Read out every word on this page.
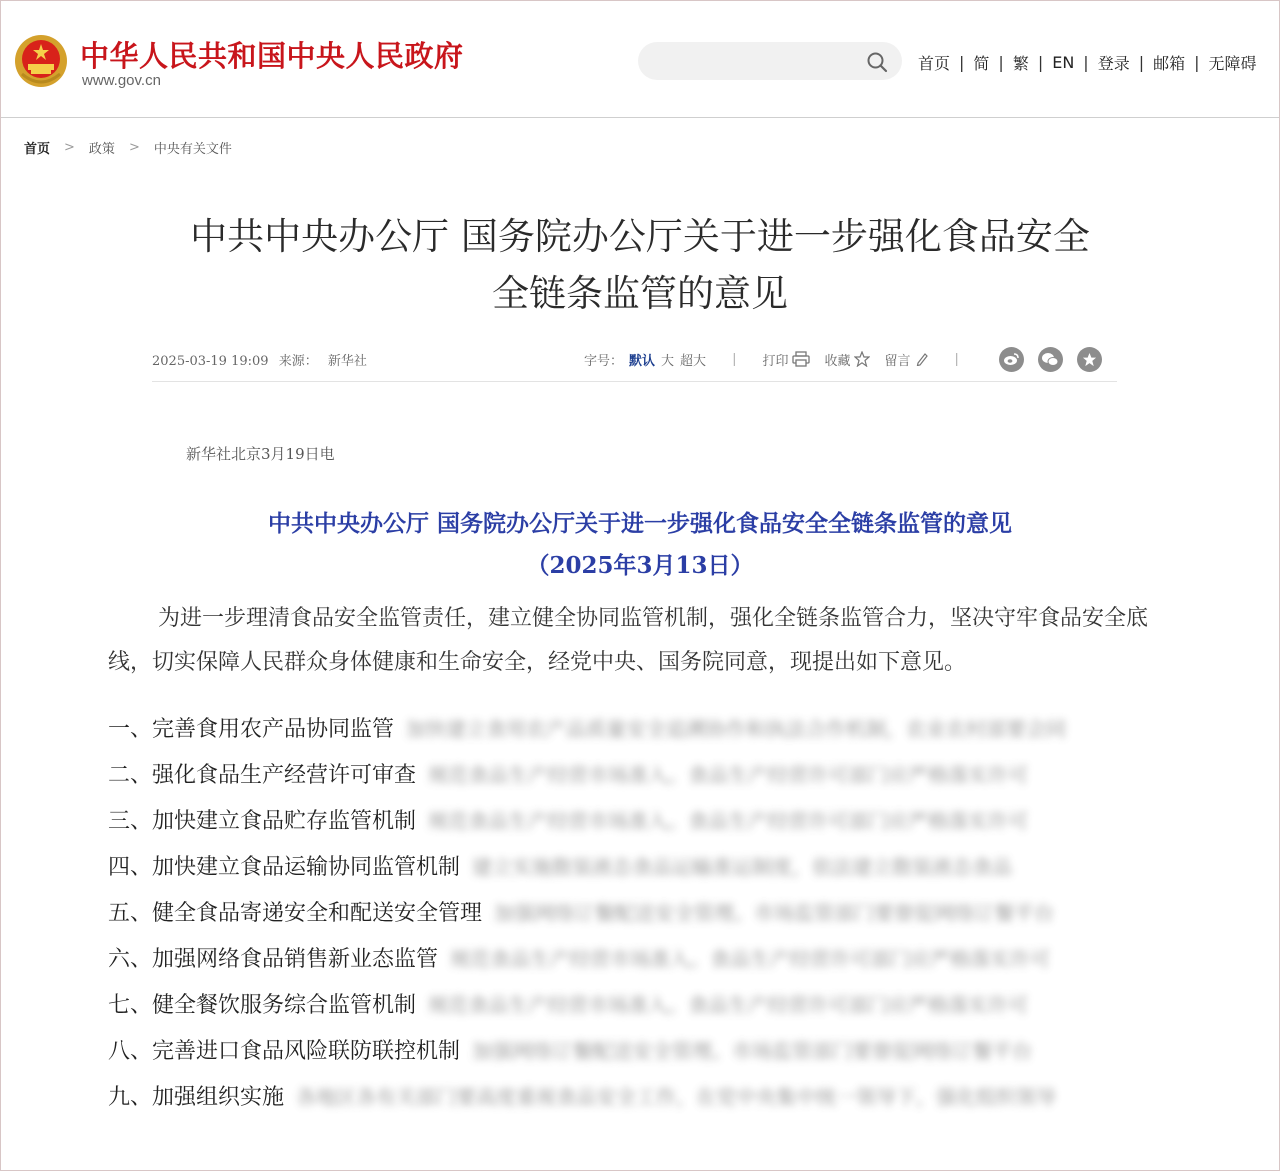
中华人民共和国中央人民政府
www.gov.cn
首页 | 简 | 繁 | EN | 登录 | 邮箱 | 无障碍
首页 > 政策 > 中央有关文件
中共中央办公厅 国务院办公厅关于进一步强化食品安全
全链条监管的意见
2025-03-19 19:09 来源： 新华社	字号： 默认 大 超大 | 打印	收藏	留言	|
新华社北京3月19日电
中共中央办公厅 国务院办公厅关于进一步强化食品安全全链条监管的意见
（2025年3月13日）
为进一步理清食品安全监管责任，建立健全协同监管机制，强化全链条监管合力，坚决守牢食品安全底线，切实保障人民群众身体健康和生命安全，经党中央、国务院同意，现提出如下意见。
一、完善食用农产品协同监管 加快建立食用农产品质量安全追溯协作和执法合作机制，农业农村部要会同
二、强化食品生产经营许可审查 规范食品生产经营市场准入。食品生产经营许可部门应严格落实许可
三、加快建立食品贮存监管机制 规范食品生产经营市场准入。食品生产经营许可部门应严格落实许可
四、加快建立食品运输协同监管机制 建立实施散装液态食品运输准运制度，依法建立散装液态食品
五、健全食品寄递安全和配送安全管理 加强网络订餐配送安全管理。市场监管部门要督促网络订餐平台
六、加强网络食品销售新业态监管 规范食品生产经营市场准入。食品生产经营许可部门应严格落实许可
七、健全餐饮服务综合监管机制 规范食品生产经营市场准入。食品生产经营许可部门应严格落实许可
八、完善进口食品风险联防联控机制 加强网络订餐配送安全管理。市场监管部门要督促网络订餐平台
九、加强组织实施 各地区各有关部门要高度重视食品安全工作，在党中央集中统一领导下，强化组织领导
